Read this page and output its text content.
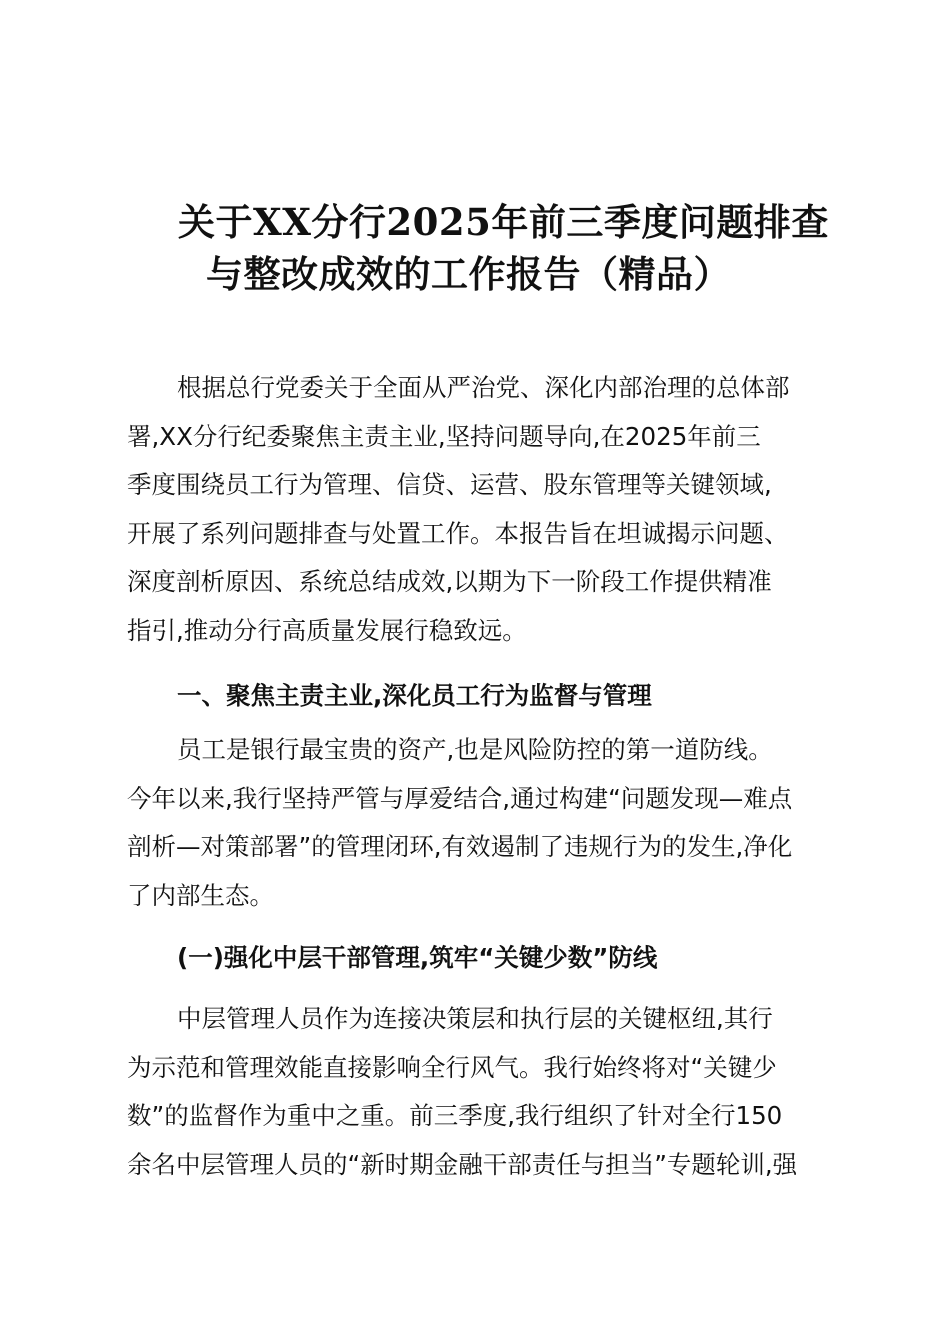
关于XX分行2025年前三季度问题排查
与整改成效的工作报告（精品）

根据总行党委关于全面从严治党、深化内部治理的总体部
署,XX分行纪委聚焦主责主业,坚持问题导向,在2025年前三
季度围绕员工行为管理、信贷、运营、股东管理等关键领域,
开展了系列问题排查与处置工作。本报告旨在坦诚揭示问题、
深度剖析原因、系统总结成效,以期为下一阶段工作提供精准
指引,推动分行高质量发展行稳致远。

一、聚焦主责主业,深化员工行为监督与管理

员工是银行最宝贵的资产,也是风险防控的第一道防线。
今年以来,我行坚持严管与厚爱结合,通过构建“问题发现—难点
剖析—对策部署”的管理闭环,有效遏制了违规行为的发生,净化
了内部生态。

(一)强化中层干部管理,筑牢“关键少数”防线

中层管理人员作为连接决策层和执行层的关键枢纽,其行
为示范和管理效能直接影响全行风气。我行始终将对“关键少
数”的监督作为重中之重。前三季度,我行组织了针对全行150
余名中层管理人员的“新时期金融干部责任与担当”专题轮训,强
